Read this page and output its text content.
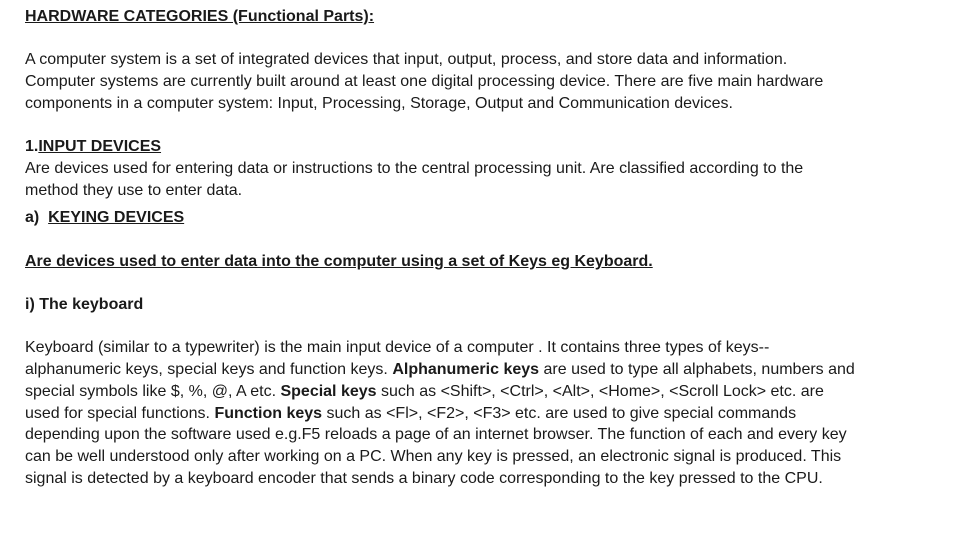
HARDWARE CATEGORIES (Functional Parts):

A computer system is a set of integrated devices that input, output, process, and store data and information. Computer systems are currently built around at least one digital processing device. There are five main hardware components in a computer system: Input, Processing, Storage, Output and Communication devices.

1.INPUT DEVICES

Are devices used for entering data or instructions to the central processing unit. Are classified according to the method they use to enter data.

a) KEYING DEVICES

Are devices used to enter data into the computer using a set of Keys eg Keyboard.

i) The keyboard

Keyboard (similar to a typewriter) is the main input device of a computer . It contains three types of keys-- alphanumeric keys, special keys and function keys. Alphanumeric keys are used to type all alphabets, numbers and special symbols like $, %, @, A etc. Special keys such as <Shift>, <Ctrl>, <Alt>, <Home>, <Scroll Lock> etc. are used for special functions. Function keys such as <Fl>, <F2>, <F3> etc. are used to give special commands depending upon the software used e.g.F5 reloads a page of an internet browser. The function of each and every key can be well understood only after working on a PC. When any key is pressed, an electronic signal is produced. This signal is detected by a keyboard encoder that sends a binary code corresponding to the key pressed to the CPU.
